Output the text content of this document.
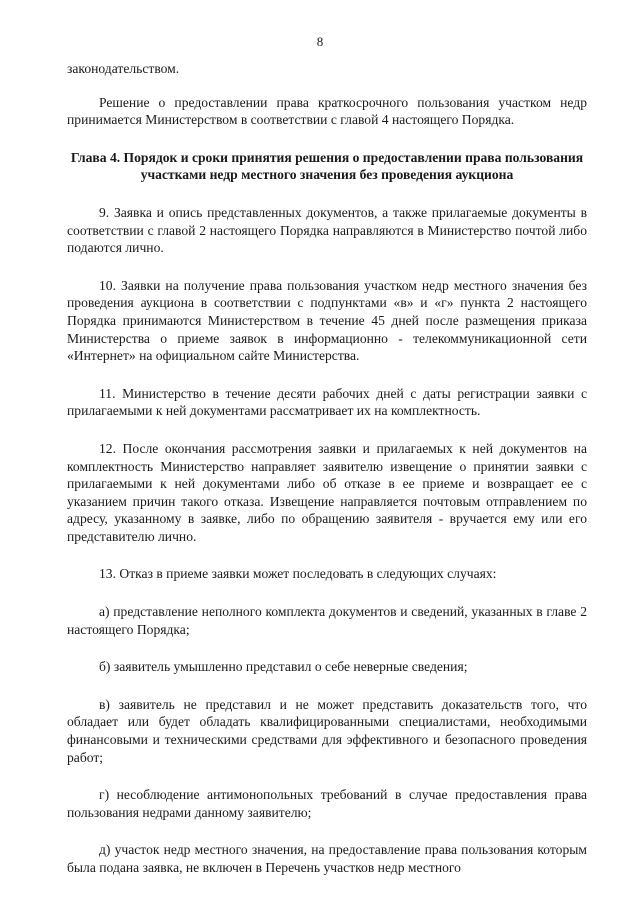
8

законодательством.

Решение о предоставлении права краткосрочного пользования участком недр принимается Министерством в соответствии с главой 4 настоящего Порядка.

Глава 4. Порядок и сроки принятия решения о предоставлении права пользования участками недр местного значения без проведения аукциона

9. Заявка и опись представленных документов, а также прилагаемые документы в соответствии с главой 2 настоящего Порядка направляются в Министерство почтой либо подаются лично.

10. Заявки на получение права пользования участком недр местного значения без проведения аукциона в соответствии с подпунктами «в» и «г» пункта 2 настоящего Порядка принимаются Министерством в течение 45 дней после размещения приказа Министерства о приеме заявок в информационно - телекоммуникационной сети «Интернет» на официальном сайте Министерства.

11. Министерство в течение десяти рабочих дней с даты регистрации заявки с прилагаемыми к ней документами рассматривает их на комплектность.

12. После окончания рассмотрения заявки и прилагаемых к ней документов на комплектность Министерство направляет заявителю извещение о принятии заявки с прилагаемыми к ней документами либо об отказе в ее приеме и возвращает ее с указанием причин такого отказа. Извещение направляется почтовым отправлением по адресу, указанному в заявке, либо по обращению заявителя - вручается ему или его представителю лично.

13. Отказ в приеме заявки может последовать в следующих случаях:

а) представление неполного комплекта документов и сведений, указанных в главе 2 настоящего Порядка;

б) заявитель умышленно представил о себе неверные сведения;

в) заявитель не представил и не может представить доказательств того, что обладает или будет обладать квалифицированными специалистами, необходимыми финансовыми и техническими средствами для эффективного и безопасного проведения работ;

г) несоблюдение антимонопольных требований в случае предоставления права пользования недрами данному заявителю;

д) участок недр местного значения, на предоставление права пользования которым была подана заявка, не включен в Перечень участков недр местного
